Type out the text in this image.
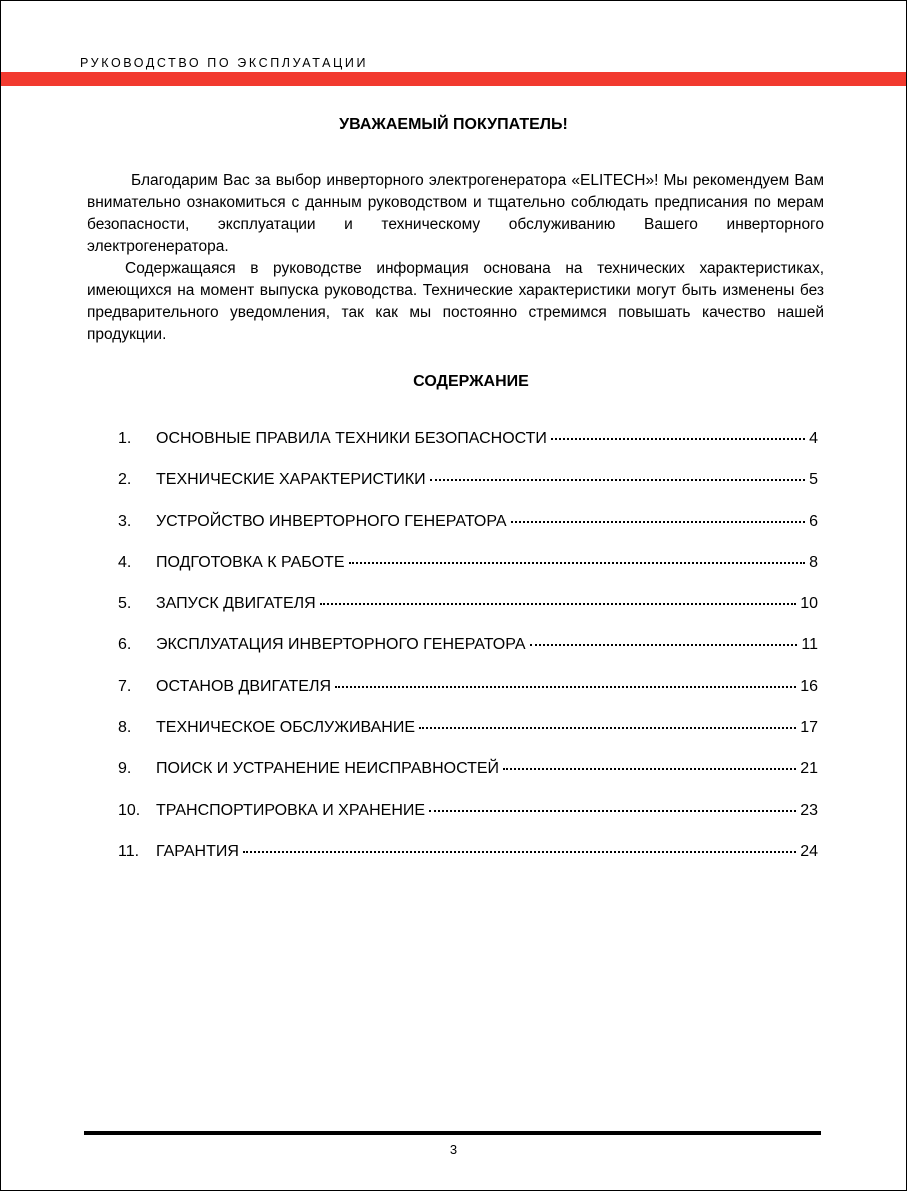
РУКОВОДСТВО ПО ЭКСПЛУАТАЦИИ
УВАЖАЕМЫЙ ПОКУПАТЕЛЬ!

Благодарим Вас за выбор инверторного электрогенератора «ELITECH»! Мы рекомендуем Вам внимательно ознакомиться с данным руководством и тщательно соблюдать предписания по мерам безопасности, эксплуатации и техническому обслуживанию Вашего инверторного электрогенератора.

Содержащаяся в руководстве информация основана на технических характеристиках, имеющихся на момент выпуска руководства. Технические характеристики могут быть изменены без предварительного уведомления, так как мы постоянно стремимся повышать качество нашей продукции.

СОДЕРЖАНИЕ
1.	ОСНОВНЫЕ ПРАВИЛА ТЕХНИКИ БЕЗОПАСНОСТИ	4
2.	ТЕХНИЧЕСКИЕ ХАРАКТЕРИСТИКИ	5
3.	УСТРОЙСТВО ИНВЕРТОРНОГО ГЕНЕРАТОРА	6
4.	ПОДГОТОВКА К РАБОТЕ	8
5.	ЗАПУСК ДВИГАТЕЛЯ	10
6.	ЭКСПЛУАТАЦИЯ ИНВЕРТОРНОГО ГЕНЕРАТОРА	11
7.	ОСТАНОВ ДВИГАТЕЛЯ	16
8.	ТЕХНИЧЕСКОЕ ОБСЛУЖИВАНИЕ	17
9.	ПОИСК И УСТРАНЕНИЕ НЕИСПРАВНОСТЕЙ	21
10. ТРАНСПОРТИРОВКА И ХРАНЕНИЕ	23
11.	ГАРАНТИЯ	24
3
